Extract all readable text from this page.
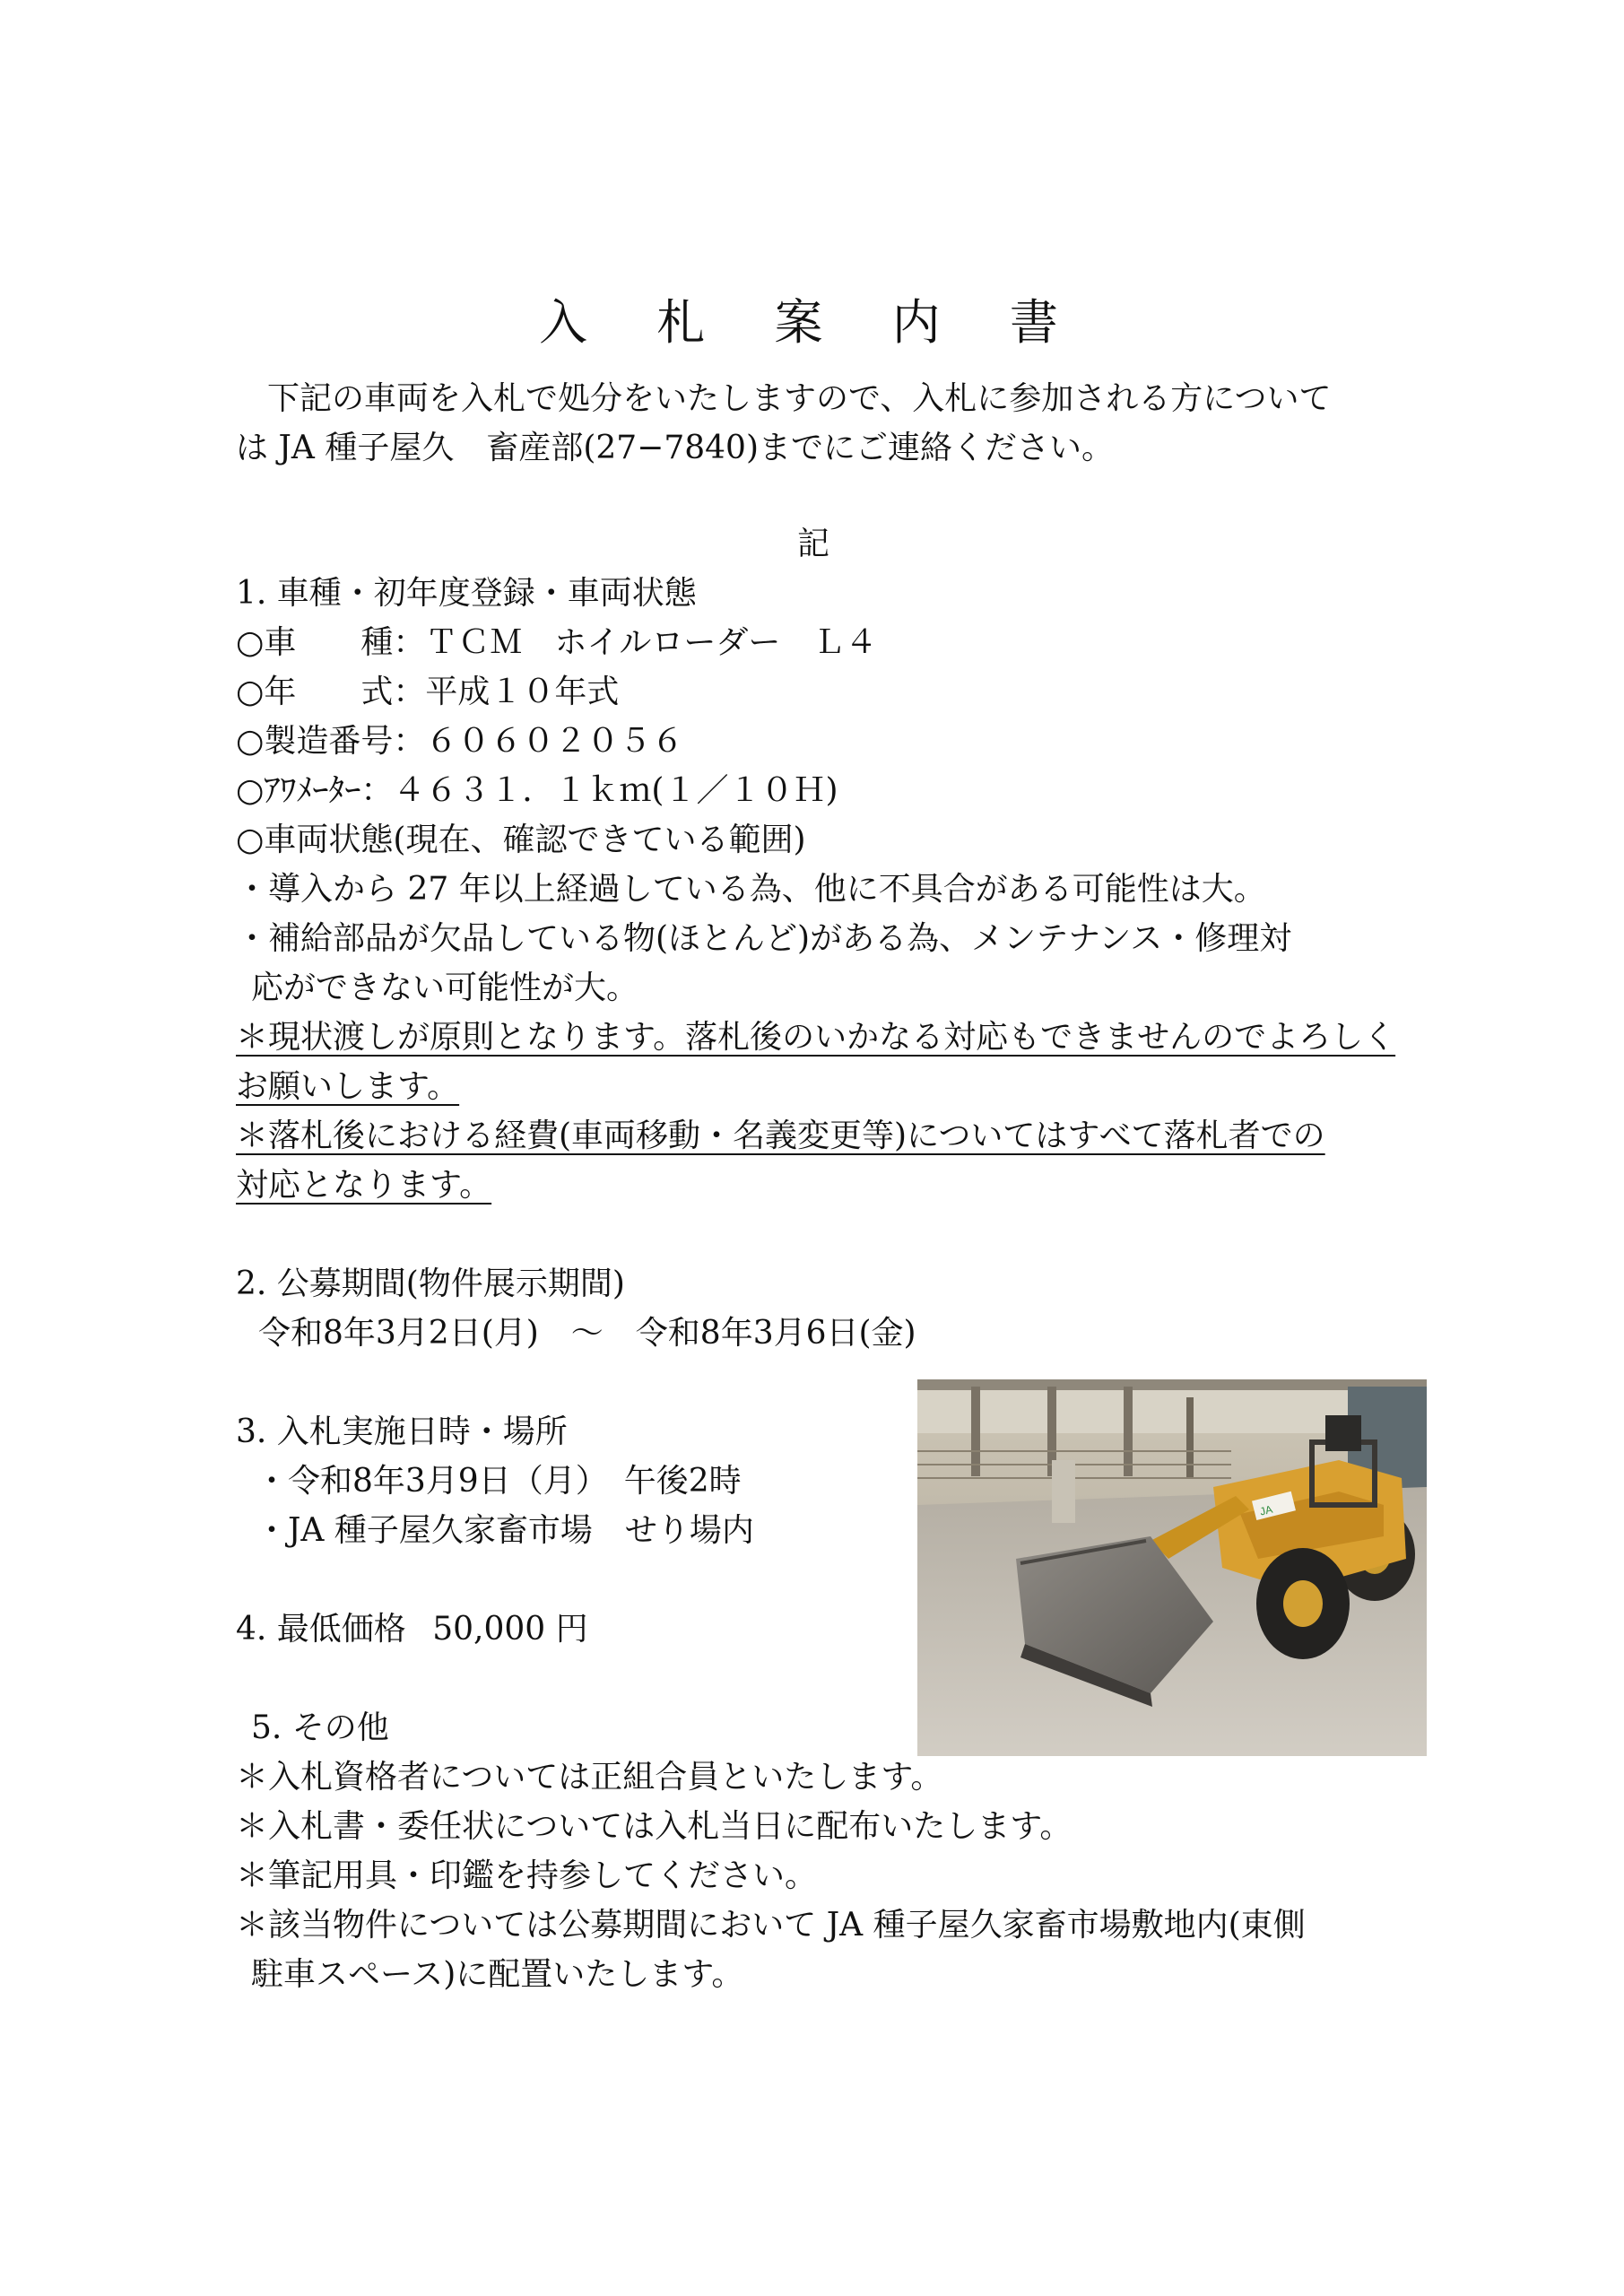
入 札 案 内 書
下記の車両を入札で処分をいたしますので、入札に参加される方について
は JA 種子屋久　畜産部(27−7840)までにご連絡ください。
記
1. 車種・初年度登録・車両状態
○車　　種：ＴＣＭ　ホイルローダー　Ｌ４
○年　　式：平成１０年式
○製造番号：６０６０２０５６
○ｱﾜﾒｰﾀｰ：４６３１．１ｋｍ(１／１０Ｈ)
○車両状態(現在、確認できている範囲)
・導入から 27 年以上経過している為、他に不具合がある可能性は大。
・補給部品が欠品している物(ほとんど)がある為、メンテナンス・修理対
応ができない可能性が大。
＊現状渡しが原則となります。落札後のいかなる対応もできませんのでよろしく
お願いします。
＊落札後における経費(車両移動・名義変更等)についてはすべて落札者での
対応となります。
2. 公募期間(物件展示期間)
令和8年3月2日(月)　～　令和8年3月6日(金)
3. 入札実施日時・場所
・令和8年3月9日（月）　午後2時
・JA 種子屋久家畜市場　せり場内
4. 最低価格 50,000 円
5. その他
＊入札資格者については正組合員といたします。
＊入札書・委任状については入札当日に配布いたします。
＊筆記用具・印鑑を持参してください。
＊該当物件については公募期間において JA 種子屋久家畜市場敷地内(東側
駐車スペース)に配置いたします。
JA
